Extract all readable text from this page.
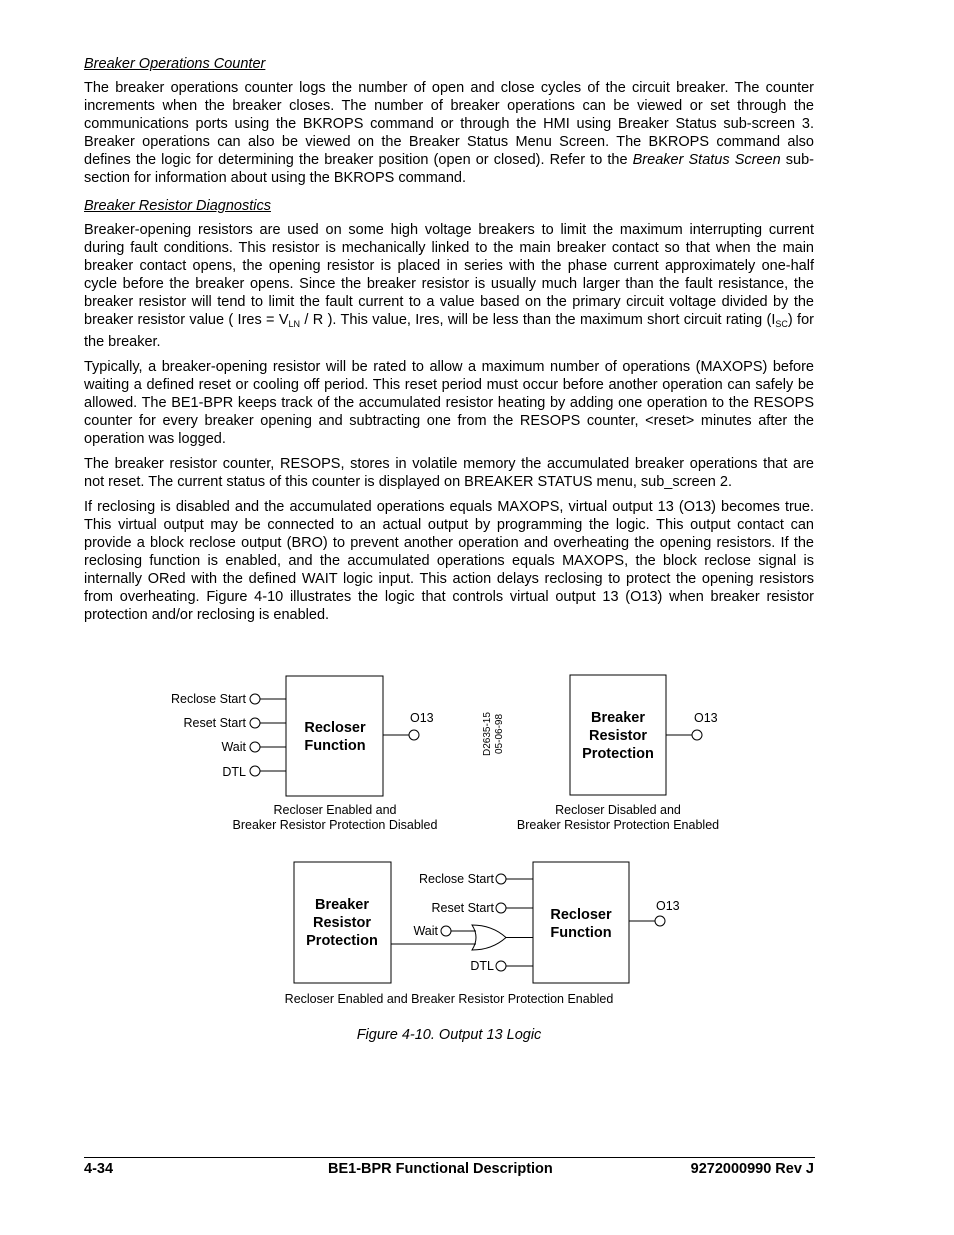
Breaker Operations Counter

The breaker operations counter logs the number of open and close cycles of the circuit breaker. The counter increments when the breaker closes. The number of breaker operations can be viewed or set through the communications ports using the BKROPS command or through the HMI using Breaker Status sub-screen 3. Breaker operations can also be viewed on the Breaker Status Menu Screen. The BKROPS command also defines the logic for determining the breaker position (open or closed). Refer to the Breaker Status Screen sub-section for information about using the BKROPS command.

Breaker Resistor Diagnostics

Breaker-opening resistors are used on some high voltage breakers to limit the maximum interrupting current during fault conditions. This resistor is mechanically linked to the main breaker contact so that when the main breaker contact opens, the opening resistor is placed in series with the phase current approximately one-half cycle before the breaker opens. Since the breaker resistor is usually much larger than the fault resistance, the breaker resistor will tend to limit the fault current to a value based on the primary circuit voltage divided by the breaker resistor value ( Ires = $V_{LN}$ / R ). This value, Ires, will be less than the maximum short circuit rating $(I_{SC})$ for the breaker.

Typically, a breaker-opening resistor will be rated to allow a maximum number of operations (MAXOPS) before waiting a defined reset or cooling off period. This reset period must occur before another operation can safely be allowed. The BE1-BPR keeps track of the accumulated resistor heating by adding one operation to the RESOPS counter for every breaker opening and subtracting one from the RESOPS counter, <reset> minutes after the operation was logged.

The breaker resistor counter, RESOPS, stores in volatile memory the accumulated breaker operations that are not reset. The current status of this counter is displayed on BREAKER STATUS menu, sub_screen 2.

If reclosing is disabled and the accumulated operations equals MAXOPS, virtual output 13 (O13) becomes true. This virtual output may be connected to an actual output by programming the logic. This output contact can provide a block reclose output (BRO) to prevent another operation and overheating the opening resistors. If the reclosing function is enabled, and the accumulated operations equals MAXOPS, the block reclose signal is internally ORed with the defined WAIT logic input. This action delays reclosing to protect the opening resistors from overheating. Figure 4-10 illustrates the logic that controls virtual output 13 (O13) when breaker resistor protection and/or reclosing is enabled.

Reclose Start
Reset Start
Wait
DTL
Recloser
Function
O13
Recloser Enabled and
Breaker Resistor Protection Disabled
D2635-15 05-06-98	Breaker
Resistor
Protection
O13
Recloser Disabled and
Breaker Resistor Protection Enabled
Breaker
Resistor
Protection
Reclose Start
Reset Start
Wait
DTL
Recloser
Function
O13
Recloser Enabled and Breaker Resistor Protection Enabled
Figure 4-10. Output 13 Logic
4-34	BE1-BPR Functional Description	9272000990 Rev J
